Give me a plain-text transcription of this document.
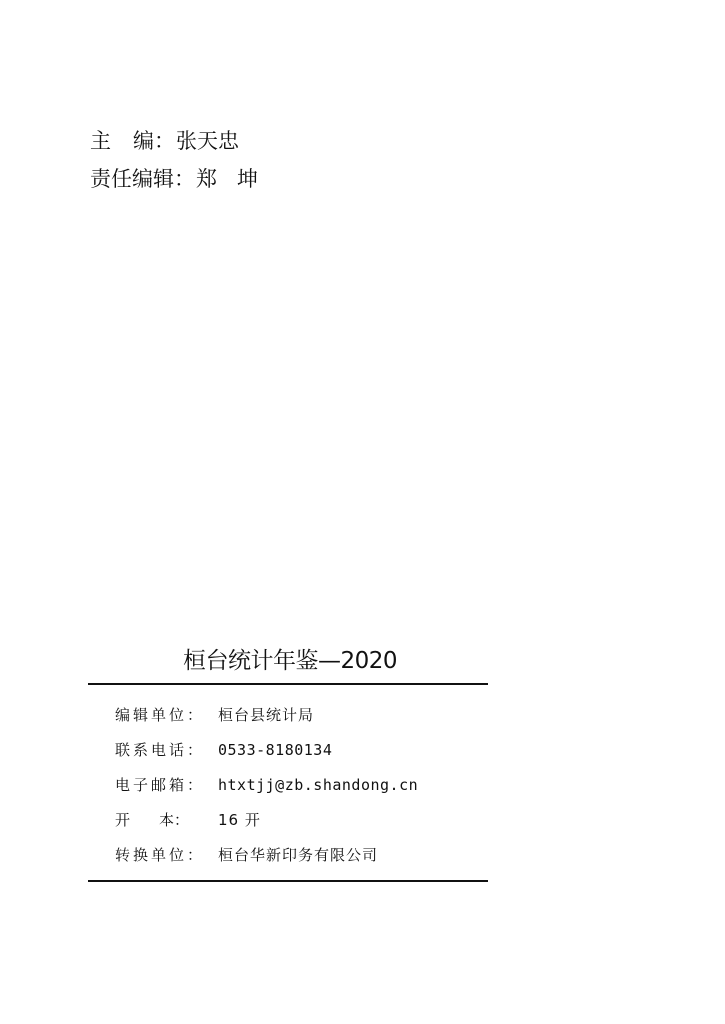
主 编 ： 张天忠
责任编辑 ： 郑 坤
桓台统计年鉴—2020
编辑单位： 桓台县统计局
联系电话： 0533-8180134
电子邮箱： htxtjj@zb.shandong.cn
开 本： 16 开
转换单位： 桓台华新印务有限公司
